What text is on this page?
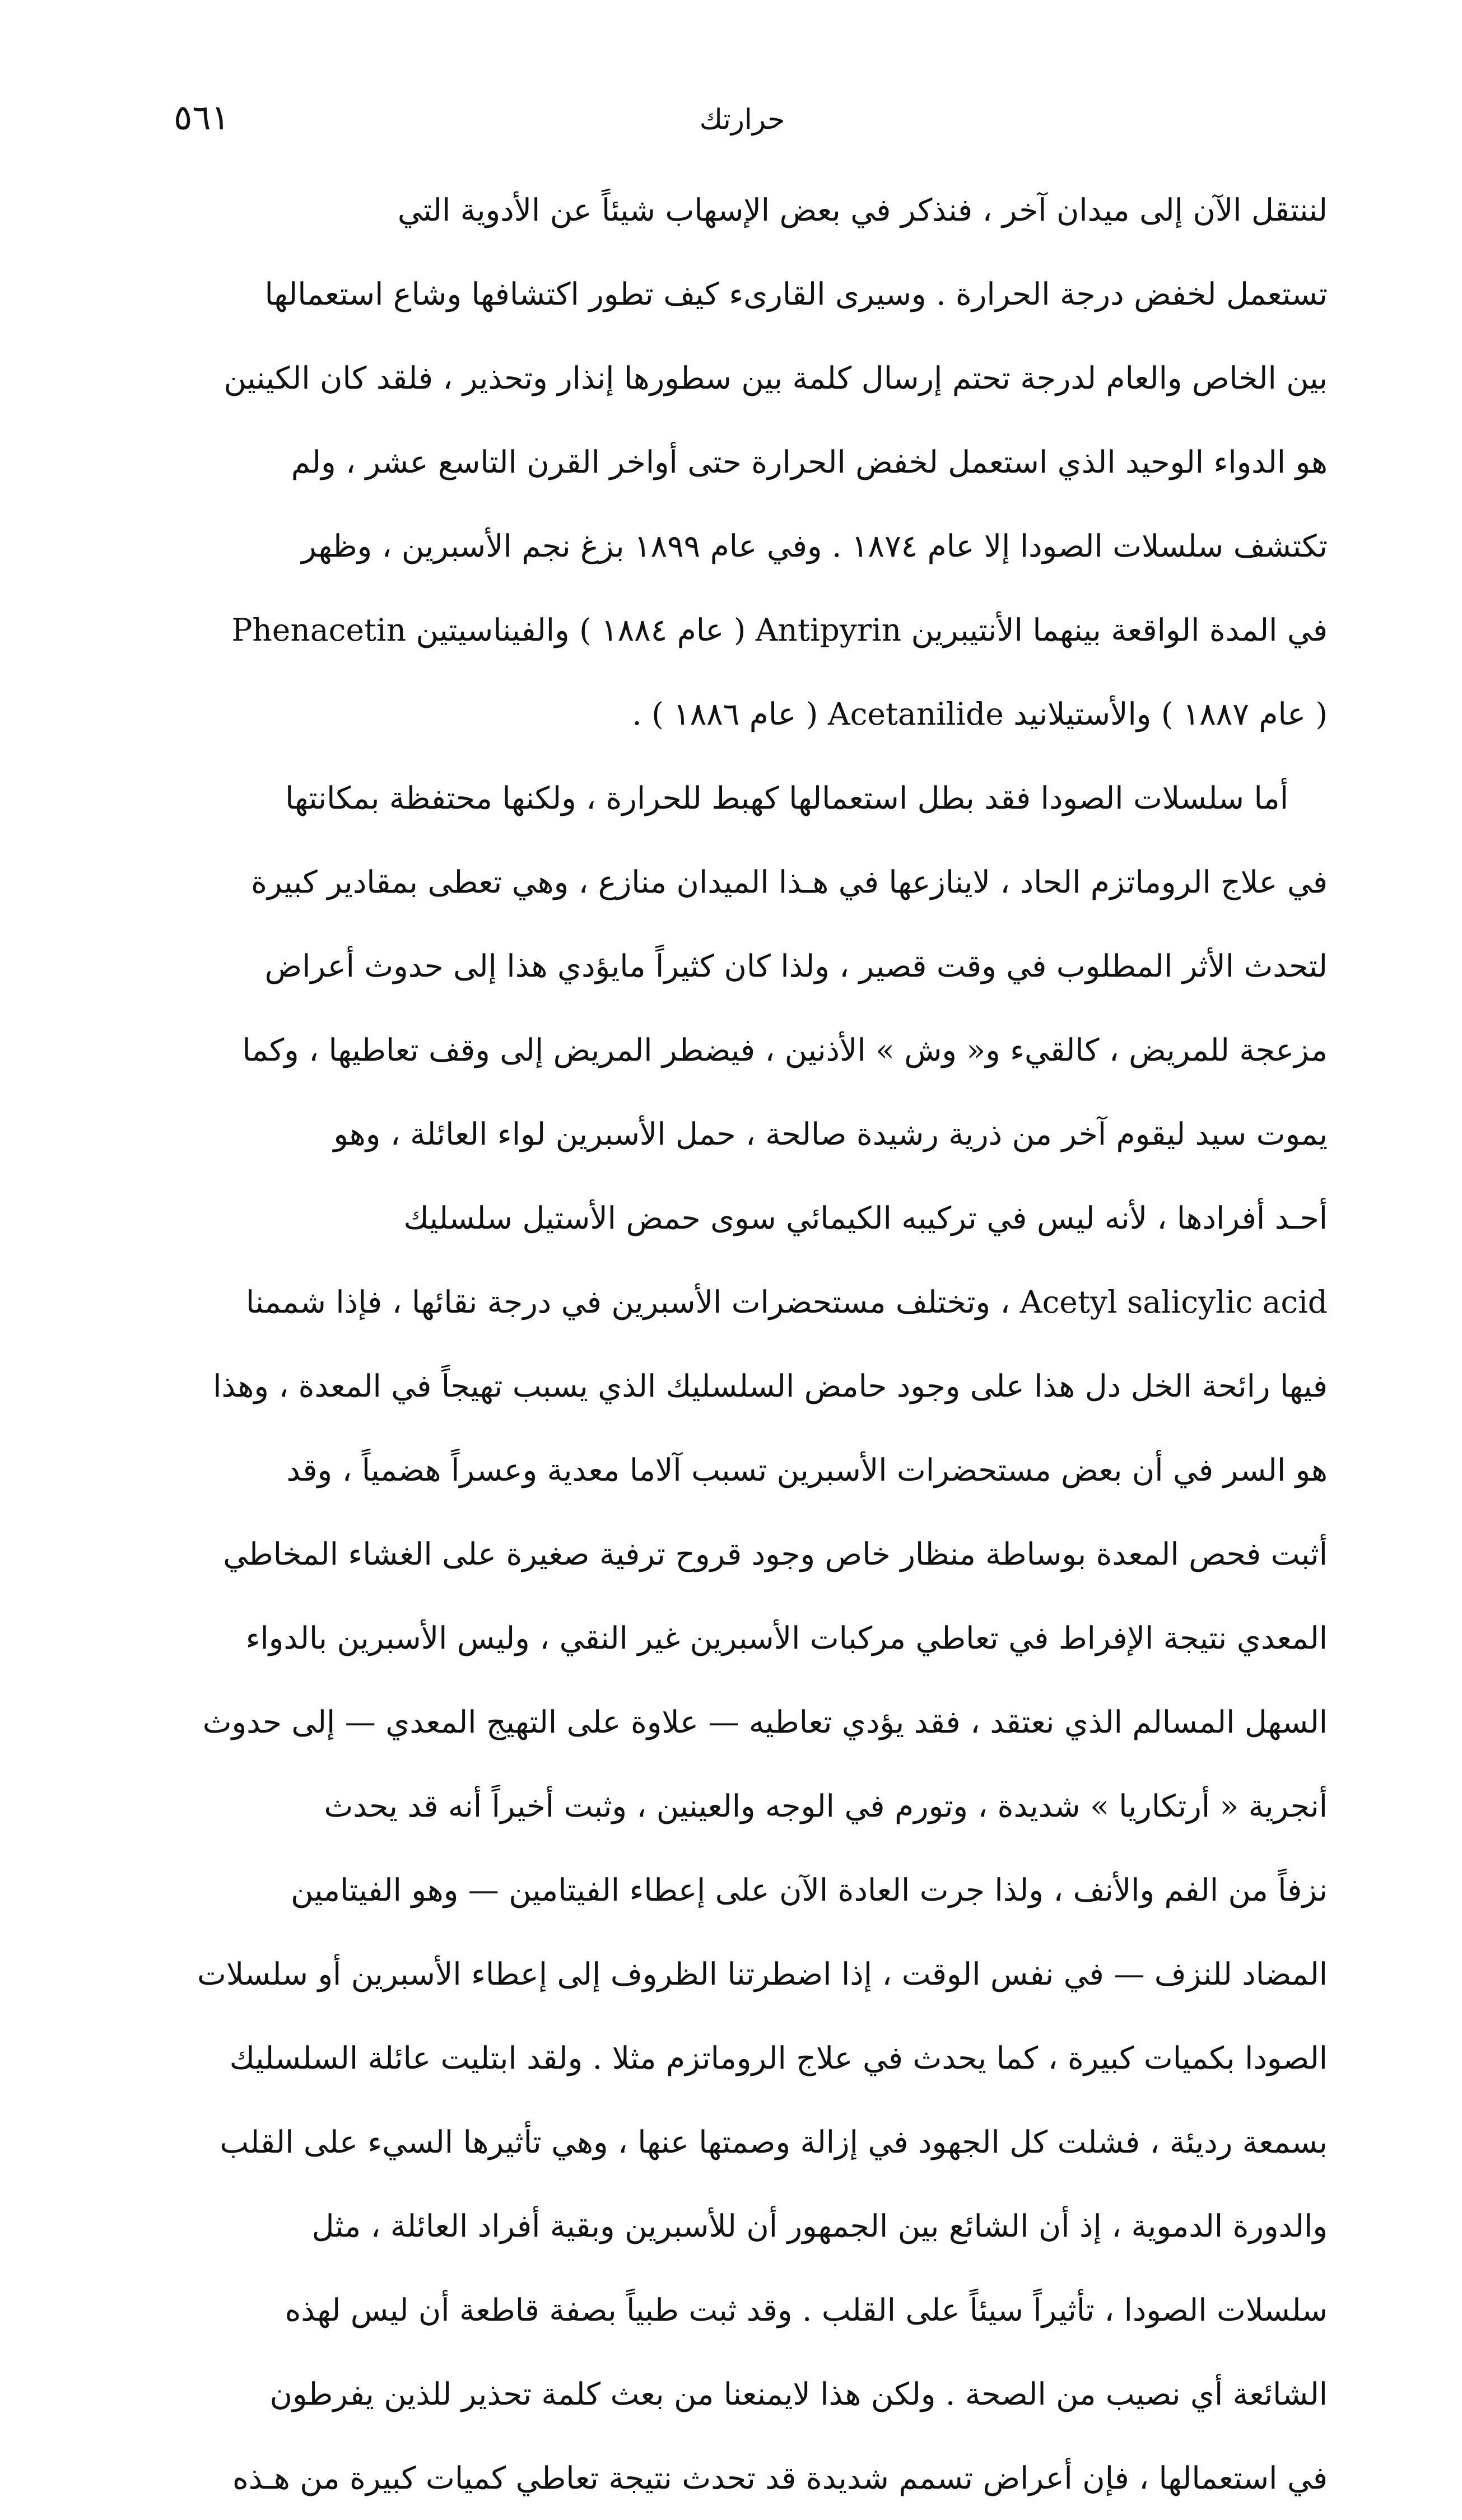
٥٦١	حرارتك
لننتقل الآن إلى ميدان آخر ، فنذكر في بعض الإسهاب شيئاً عن الأدوية التي
تستعمل لخفض درجة الحرارة . وسيرى القارىء كيف تطور اكتشافها وشاع استعمالها
بين الخاص والعام لدرجة تحتم إرسال كلمة بين سطورها إنذار وتحذير ، فلقد كان الكينين
هو الدواء الوحيد الذي استعمل لخفض الحرارة حتى أواخر القرن التاسع عشر ، ولم
تكتشف سلسلات الصودا إلا عام ١٨٧٤ . وفي عام ١٨٩٩ بزغ نجم الأسبرين ، وظهر
في المدة الواقعة بينهما الأنتيبرين Antipyrin ( عام ١٨٨٤ ) والفيناسيتين Phenacetin
( عام ١٨٨٧ ) والأستيلانيد Acetanilide ( عام ١٨٨٦ ) .
أما سلسلات الصودا فقد بطل استعمالها كهبط للحرارة ، ولكنها محتفظة بمكانتها
في علاج الروماتزم الحاد ، لاينازعها في هـذا الميدان منازع ، وهي تعطى بمقادير كبيرة
لتحدث الأثر المطلوب في وقت قصير ، ولذا كان كثيراً مايؤدي هذا إلى حدوث أعراض
مزعجة للمريض ، كالقيء و« وش » الأذنين ، فيضطر المريض إلى وقف تعاطيها ، وكما
يموت سيد ليقوم آخر من ذرية رشيدة صالحة ، حمل الأسبرين لواء العائلة ، وهو
أحـد أفرادها ، لأنه ليس في تركيبه الكيمائي سوى حمض الأستيل سلسليك
Acetyl salicylic acid ، وتختلف مستحضرات الأسبرين في درجة نقائها ، فإذا شممنا
فيها رائحة الخل دل هذا على وجود حامض السلسليك الذي يسبب تهيجاً في المعدة ، وهذا
هو السر في أن بعض مستحضرات الأسبرين تسبب آلاما معدية وعسراً هضمياً ، وقد
أثبت فحص المعدة بوساطة منظار خاص وجود قروح ترفية صغيرة على الغشاء المخاطي
المعدي نتيجة الإفراط في تعاطي مركبات الأسبرين غير النقي ، وليس الأسبرين بالدواء
السهل المسالم الذي نعتقد ، فقد يؤدي تعاطيه — علاوة على التهيج المعدي — إلى حدوث
أنجرية « أرتكاريا » شديدة ، وتورم في الوجه والعينين ، وثبت أخيراً أنه قد يحدث
نزفاً من الفم والأنف ، ولذا جرت العادة الآن على إعطاء الفيتامين — وهو الفيتامين
المضاد للنزف — في نفس الوقت ، إذا اضطرتنا الظروف إلى إعطاء الأسبرين أو سلسلات
الصودا بكميات كبيرة ، كما يحدث في علاج الروماتزم مثلا . ولقد ابتليت عائلة السلسليك
بسمعة رديئة ، فشلت كل الجهود في إزالة وصمتها عنها ، وهي تأثيرها السيء على القلب
والدورة الدموية ، إذ أن الشائع بين الجمهور أن للأسبرين وبقية أفراد العائلة ، مثل
سلسلات الصودا ، تأثيراً سيئاً على القلب . وقد ثبت طبياً بصفة قاطعة أن ليس لهذه
الشائعة أي نصيب من الصحة . ولكن هذا لايمنعنا من بعث كلمة تحذير للذين يفرطون
في استعمالها ، فإن أعراض تسمم شديدة قد تحدث نتيجة تعاطي كميات كبيرة من هـذه
